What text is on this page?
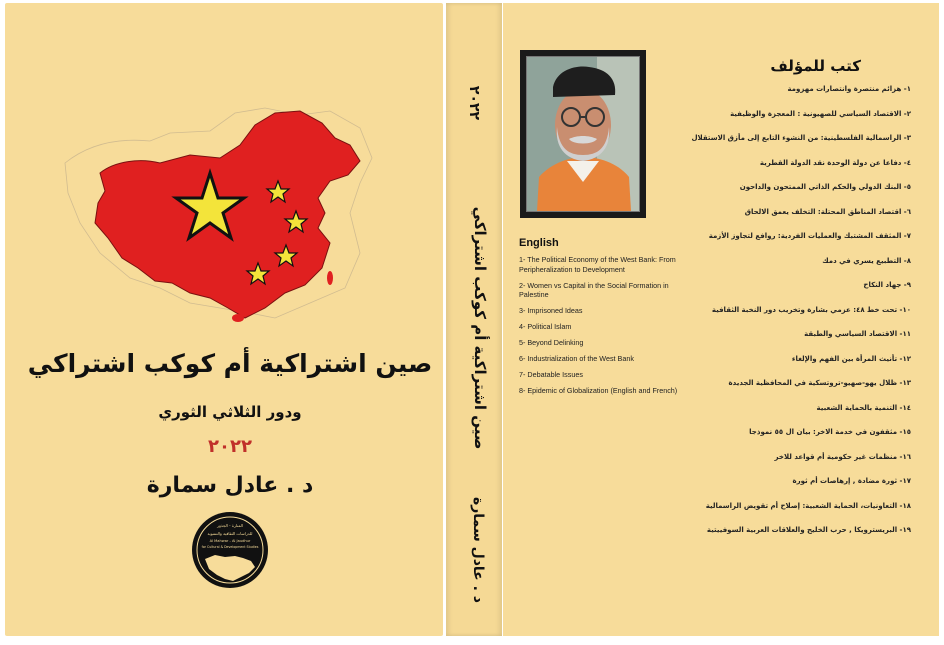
صين اشتراكية أم كوكب اشتراكي
ودور الثلاثي الثوري
٢٠٢٢
د . عادل سمارة
المنارة - الجذور
للدراسات الثقافية والتنموية
Al Mahwar - Al Jaudhur
for Cultural & Development Studies
٢٠٢٢
صين اشتراكية أم كوكب اشتراكي
د . عادل سمارة
English
1- The Political Economy of the West Bank: From Peripheralization to Development
2- Women vs Capital in the Social Formation in Palestine
3- Imprisoned Ideas
4- Political Islam
5- Beyond Delinking
6- Industrialization of the West Bank
7- Debatable Issues
8- Epidemic of Globalization (English and French)
كتب للمؤلف
١- هزائم منتصرة وانتصارات مهزومة
٢- الاقتصاد السياسي للصهيونية : المعجزة والوظيفية
٣- الراسمالية الفلسطينية: من النشوء التابع إلى مأزق الاستقلال
٤- دفاعا عن دولة الوحدة نقد الدولة القطرية
٥- البنك الدولي والحكم الذاتي الممتحون والداحون
٦- اقتصاد المناطق المحتلة: التخلف يعمق الالحاق
٧- المثقف المشتبك والعمليات الفردية: روافع لتجاوز الأزمة
٨- التطبيع يسري في دمك
٩- جهاد النكاح
١٠- تحت خط ٤٨: عزمي بشارة وتخريب دور النخبة الثقافية
١١- الاقتصاد السياسي والطبقة
١٢- تأنيث المرأة بين الفهم والإلغاء
١٣- ظلال يهو-صهيو-تروتسكية في المحافظية الجديدة
١٤- التنمية بالحماية الشعبية
١٥- مثقفون في خدمة الاخر: بيان ال ٥٥ نموذجا
١٦- منظمات غير حكومية أم قواعد للاخر
١٧- ثورة مضادة , إرهاصات أم ثورة
١٨- التعاونيات، الحماية الشعبية: إصلاح أم تقويض الراسمالية
١٩- البريسترويكا , حرب الخليج والعلاقات العربية السوفييتية
